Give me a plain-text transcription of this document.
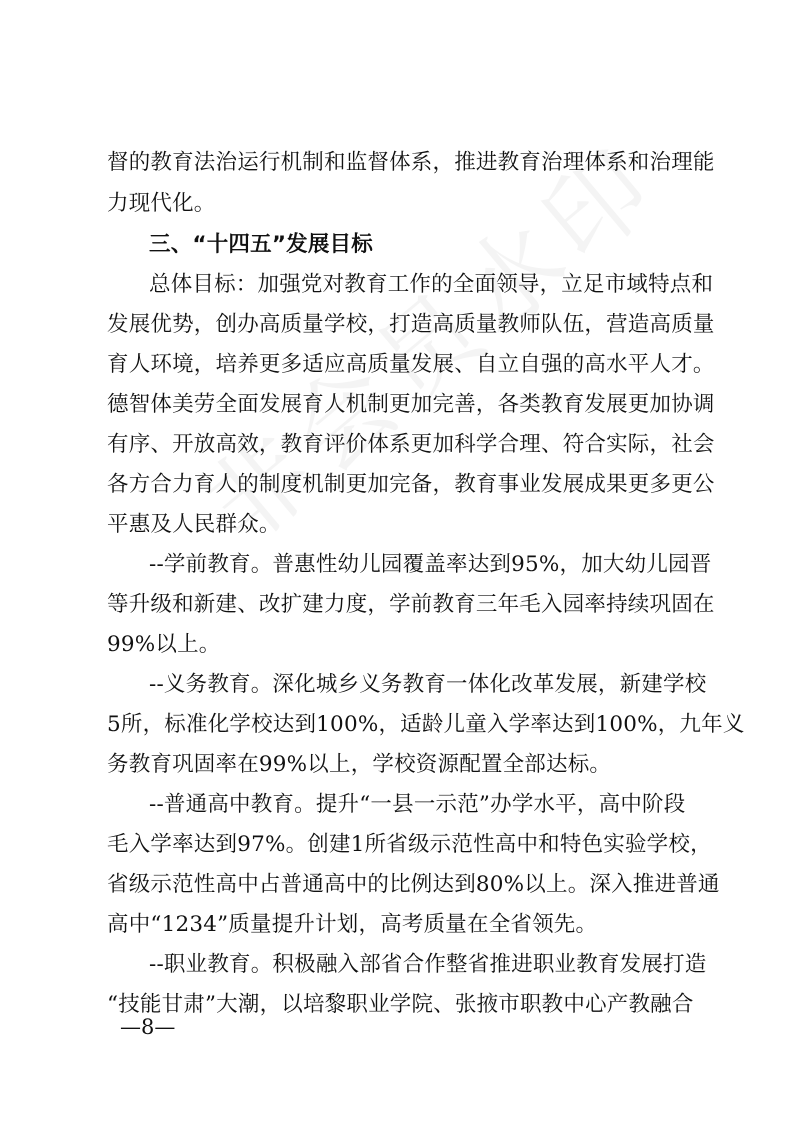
督的教育法治运行机制和监督体系，推进教育治理体系和治理能
力现代化。
三、“十四五”发展目标
总体目标：加强党对教育工作的全面领导，立足市域特点和
发展优势，创办高质量学校，打造高质量教师队伍，营造高质量
育人环境，培养更多适应高质量发展、自立自强的高水平人才。
德智体美劳全面发展育人机制更加完善，各类教育发展更加协调
有序、开放高效，教育评价体系更加科学合理、符合实际，社会
各方合力育人的制度机制更加完备，教育事业发展成果更多更公
平惠及人民群众。
--学前教育。普惠性幼儿园覆盖率达到95%，加大幼儿园晋
等升级和新建、改扩建力度，学前教育三年毛入园率持续巩固在
99%以上。
--义务教育。深化城乡义务教育一体化改革发展，新建学校
5所，标准化学校达到100%，适龄儿童入学率达到100%，九年义
务教育巩固率在99%以上，学校资源配置全部达标。
--普通高中教育。提升“一县一示范”办学水平，高中阶段
毛入学率达到97%。创建1所省级示范性高中和特色实验学校，
省级示范性高中占普通高中的比例达到80%以上。深入推进普通
高中“1234”质量提升计划，高考质量在全省领先。
--职业教育。积极融入部省合作整省推进职业教育发展打造
“技能甘肃”大潮，以培黎职业学院、张掖市职教中心产教融合
—8—
